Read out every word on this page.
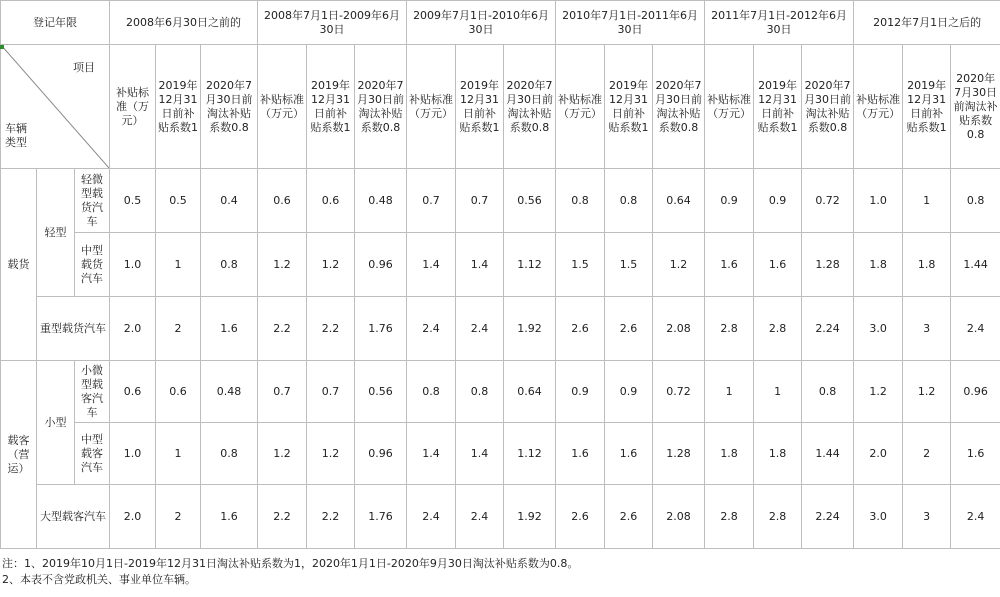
登记年限			2008年6月30日之前的			2008年7月1日-2009年6月30日			2009年7月1日-2010年6月30日			2010年7月1日-2011年6月30日			2011年7月1日-2012年6月30日			2012年7月1日之后的		

项目
车辆类型			补贴标准（万元）	2019年12月31日前补贴系数1	2020年7月30日前淘汰补贴系数0.8	补贴标准（万元）	2019年12月31日前补贴系数1	2020年7月30日前淘汰补贴系数0.8	补贴标准（万元）	2019年12月31日前补贴系数1	2020年7月30日前淘汰补贴系数0.8	补贴标准（万元）	2019年12月31日前补贴系数1	2020年7月30日前淘汰补贴系数0.8	补贴标准（万元）	2019年12月31日前补贴系数1	2020年7月30日前淘汰补贴系数0.8	补贴标准（万元）	2019年12月31日前补贴系数1	2020年7月30日前淘汰补贴系数0.8
载货	轻型	轻微型载货汽车	0.5	0.5	0.4	0.6	0.6	0.48	0.7	0.7	0.56	0.8	0.8	0.64	0.9	0.9	0.72	1.0	1	0.8
		中型载货汽车	1.0	1	0.8	1.2	1.2	0.96	1.4	1.4	1.12	1.5	1.5	1.2	1.6	1.6	1.28	1.8	1.8	1.44
	重型载货汽车		2.0	2	1.6	2.2	2.2	1.76	2.4	2.4	1.92	2.6	2.6	2.08	2.8	2.8	2.24	3.0	3	2.4
载客（营运）	小型	小微型载客汽车	0.6	0.6	0.48	0.7	0.7	0.56	0.8	0.8	0.64	0.9	0.9	0.72	1	1	0.8	1.2	1.2	0.96
		中型载客汽车	1.0	1	0.8	1.2	1.2	0.96	1.4	1.4	1.12	1.6	1.6	1.28	1.8	1.8	1.44	2.0	2	1.6
	大型载客汽车		2.0	2	1.6	2.2	2.2	1.76	2.4	2.4	1.92	2.6	2.6	2.08	2.8	2.8	2.24	3.0	3	2.4
注：1、2019年10月1日-2019年12月31日淘汰补贴系数为1，2020年1月1日-2020年9月30日淘汰补贴系数为0.8。
2、本表不含党政机关、事业单位车辆。
